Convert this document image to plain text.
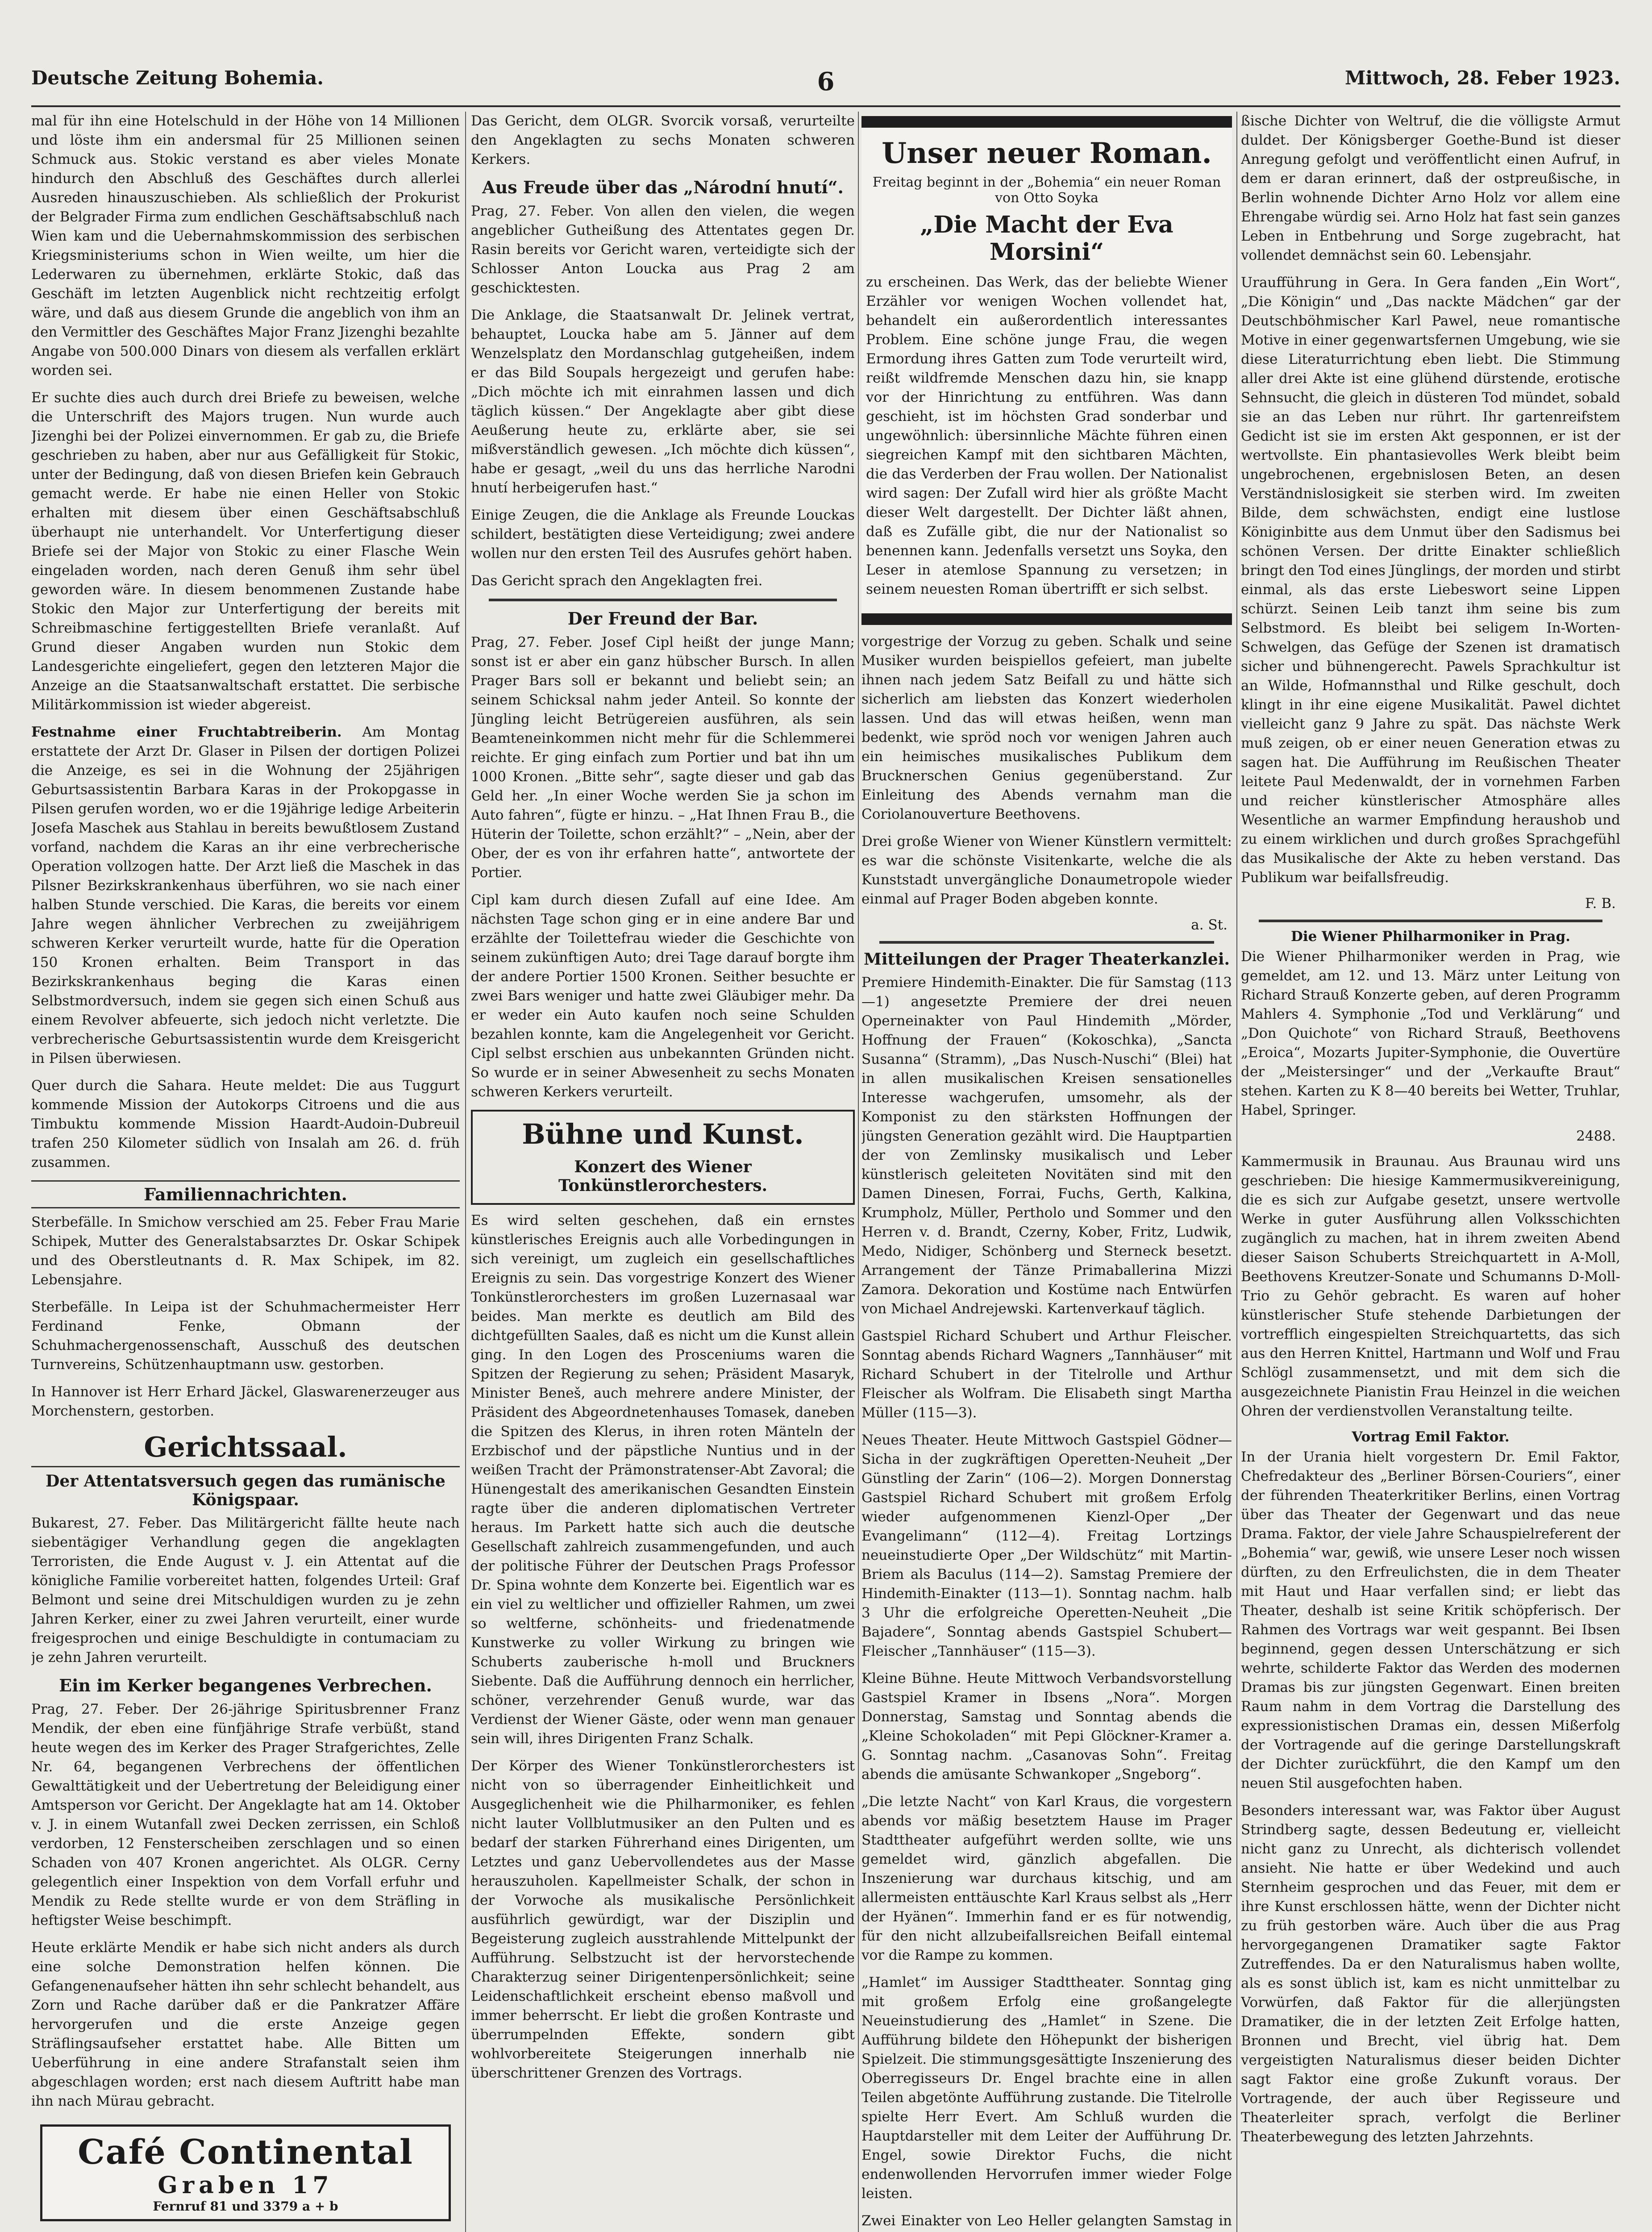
Deutsche Zeitung Bohemia.	6	Mittwoch, 28. Feber 1923.

mal für ihn eine Hotelschuld in der Höhe von 14 Millionen und löste ihm ein andersmal für 25 Millionen seinen Schmuck aus. Stokic verstand es aber vieles Monate hindurch den Abschluß des Geschäftes durch allerlei Ausreden hinauszuschieben. Als schließlich der Prokurist der Belgrader Firma zum endlichen Geschäftsabschluß nach Wien kam und die Uebernahmskommission des serbischen Kriegsministeriums schon in Wien weilte, um hier die Lederwaren zu übernehmen, erklärte Stokic, daß das Geschäft im letzten Augenblick nicht rechtzeitig erfolgt wäre, und daß aus diesem Grunde die angeblich von ihm an den Vermittler des Geschäftes Major Franz Jizenghi bezahlte Angabe von 500.000 Dinars von diesem als verfallen erklärt worden sei.

Er suchte dies auch durch drei Briefe zu beweisen, welche die Unterschrift des Majors trugen. Nun wurde auch Jizenghi bei der Polizei einvernommen. Er gab zu, die Briefe geschrieben zu haben, aber nur aus Gefälligkeit für Stokic, unter der Bedingung, daß von diesen Briefen kein Gebrauch gemacht werde. Er habe nie einen Heller von Stokic erhalten mit diesem über einen Geschäftsabschluß überhaupt nie unterhandelt. Vor Unterfertigung dieser Briefe sei der Major von Stokic zu einer Flasche Wein eingeladen worden, nach deren Genuß ihm sehr übel geworden wäre. In diesem benommenen Zustande habe Stokic den Major zur Unterfertigung der bereits mit Schreibmaschine fertiggestellten Briefe veranlaßt. Auf Grund dieser Angaben wurden nun Stokic dem Landesgerichte eingeliefert, gegen den letzteren Major die Anzeige an die Staatsanwaltschaft erstattet. Die serbische Militärkommission ist wieder abgereist.

Festnahme einer Fruchtabtreiberin. Am Montag erstattete der Arzt Dr. Glaser in Pilsen der dortigen Polizei die Anzeige, es sei in die Wohnung der 25jährigen Geburtsassistentin Barbara Karas in der Prokopgasse in Pilsen gerufen worden, wo er die 19jährige ledige Arbeiterin Josefa Maschek aus Stahlau in bereits bewußtlosem Zustand vorfand, nachdem die Karas an ihr eine verbrecherische Operation vollzogen hatte. Der Arzt ließ die Maschek in das Pilsner Bezirkskrankenhaus überführen, wo sie nach einer halben Stunde verschied. Die Karas, die bereits vor einem Jahre wegen ähnlicher Verbrechen zu zweijährigem schweren Kerker verurteilt wurde, hatte für die Operation 150 Kronen erhalten. Beim Transport in das Bezirkskrankenhaus beging die Karas einen Selbstmordversuch, indem sie gegen sich einen Schuß aus einem Revolver abfeuerte, sich jedoch nicht verletzte. Die verbrecherische Geburtsassistentin wurde dem Kreisgericht in Pilsen überwiesen.

Quer durch die Sahara. Heute meldet: Die aus Tuggurt kommende Mission der Autokorps Citroens und die aus Timbuktu kommende Mission Haardt-Audoin-Dubreuil trafen 250 Kilometer südlich von Insalah am 26. d. früh zusammen.

Familiennachrichten.

Sterbefälle. In Smichow verschied am 25. Feber Frau Marie Schipek, Mutter des Generalstabsarztes Dr. Oskar Schipek und des Oberstleutnants d. R. Max Schipek, im 82. Lebensjahre.

Sterbefälle. In Leipa ist der Schuhmachermeister Herr Ferdinand Fenke, Obmann der Schuhmachergenossenschaft, Ausschuß des deutschen Turnvereins, Schützenhauptmann usw. gestorben.

In Hannover ist Herr Erhard Jäckel, Glaswarenerzeuger aus Morchenstern, gestorben.

Gerichtssaal.
Der Attentatsversuch gegen das rumänische Königspaar.

Bukarest, 27. Feber. Das Militärgericht fällte heute nach siebentägiger Verhandlung gegen die angeklagten Terroristen, die Ende August v. J. ein Attentat auf die königliche Familie vorbereitet hatten, folgendes Urteil: Graf Belmont und seine drei Mitschuldigen wurden zu je zehn Jahren Kerker, einer zu zwei Jahren verurteilt, einer wurde freigesprochen und einige Beschuldigte in contumaciam zu je zehn Jahren verurteilt.

Ein im Kerker begangenes Verbrechen.

Prag, 27. Feber. Der 26-jährige Spiritusbrenner Franz Mendik, der eben eine fünfjährige Strafe verbüßt, stand heute wegen des im Kerker des Prager Strafgerichtes, Zelle Nr. 64, begangenen Verbrechens der öffentlichen Gewalttätigkeit und der Uebertretung der Beleidigung einer Amtsperson vor Gericht. Der Angeklagte hat am 14. Oktober v. J. in einem Wutanfall zwei Decken zerrissen, ein Schloß verdorben, 12 Fensterscheiben zerschlagen und so einen Schaden von 407 Kronen angerichtet. Als OLGR. Cerny gelegentlich einer Inspektion von dem Vorfall erfuhr und Mendik zu Rede stellte wurde er von dem Sträfling in heftigster Weise beschimpft.

Heute erklärte Mendik er habe sich nicht anders als durch eine solche Demonstration helfen können. Die Gefangenenaufseher hätten ihn sehr schlecht behandelt, aus Zorn und Rache darüber daß er die Pankratzer Affäre hervorgerufen und die erste Anzeige gegen Sträflingsaufseher erstattet habe. Alle Bitten um Ueberführung in eine andere Strafanstalt seien ihm abgeschlagen worden; erst nach diesem Auftritt habe man ihn nach Mürau gebracht.

Café Continental
Graben 17
Fernruf 81 und 3379 a + b

Das Gericht, dem OLGR. Svorcik vorsaß, verurteilte den Angeklagten zu sechs Monaten schweren Kerkers.

Aus Freude über das „Národní hnutí“.

Prag, 27. Feber. Von allen den vielen, die wegen angeblicher Gutheißung des Attentates gegen Dr. Rasin bereits vor Gericht waren, verteidigte sich der Schlosser Anton Loucka aus Prag 2 am geschicktesten.

Die Anklage, die Staatsanwalt Dr. Jelinek vertrat, behauptet, Loucka habe am 5. Jänner auf dem Wenzelsplatz den Mordanschlag gutgeheißen, indem er das Bild Soupals hergezeigt und gerufen habe: „Dich möchte ich mit einrahmen lassen und dich täglich küssen.“ Der Angeklagte aber gibt diese Aeußerung heute zu, erklärte aber, sie sei mißverständlich gewesen. „Ich möchte dich küssen“, habe er gesagt, „weil du uns das herrliche Narodni hnutí herbeigerufen hast.“

Einige Zeugen, die die Anklage als Freunde Louckas schildert, bestätigten diese Verteidigung; zwei andere wollen nur den ersten Teil des Ausrufes gehört haben.

Das Gericht sprach den Angeklagten frei.

Der Freund der Bar.

Prag, 27. Feber. Josef Cipl heißt der junge Mann; sonst ist er aber ein ganz hübscher Bursch. In allen Prager Bars soll er bekannt und beliebt sein; an seinem Schicksal nahm jeder Anteil. So konnte der Jüngling leicht Betrügereien ausführen, als sein Beamteneinkommen nicht mehr für die Schlemmerei reichte. Er ging einfach zum Portier und bat ihn um 1000 Kronen. „Bitte sehr“, sagte dieser und gab das Geld her. „In einer Woche werden Sie ja schon im Auto fahren“, fügte er hinzu. – „Hat Ihnen Frau B., die Hüterin der Toilette, schon erzählt?“ – „Nein, aber der Ober, der es von ihr erfahren hatte“, antwortete der Portier.

Cipl kam durch diesen Zufall auf eine Idee. Am nächsten Tage schon ging er in eine andere Bar und erzählte der Toilettefrau wieder die Geschichte von seinem zukünftigen Auto; drei Tage darauf borgte ihm der andere Portier 1500 Kronen. Seither besuchte er zwei Bars weniger und hatte zwei Gläubiger mehr. Da er weder ein Auto kaufen noch seine Schulden bezahlen konnte, kam die Angelegenheit vor Gericht. Cipl selbst erschien aus unbekannten Gründen nicht. So wurde er in seiner Abwesenheit zu sechs Monaten schweren Kerkers verurteilt.

Bühne und Kunst.
Konzert des Wiener Tonkünstlerorchesters.

Es wird selten geschehen, daß ein ernstes künstlerisches Ereignis auch alle Vorbedingungen in sich vereinigt, um zugleich ein gesellschaftliches Ereignis zu sein. Das vorgestrige Konzert des Wiener Tonkünstlerorchesters im großen Luzernasaal war beides. Man merkte es deutlich am Bild des dichtgefüllten Saales, daß es nicht um die Kunst allein ging. In den Logen des Prosceniums waren die Spitzen der Regierung zu sehen; Präsident Masaryk, Minister Beneš, auch mehrere andere Minister, der Präsident des Abgeordnetenhauses Tomasek, daneben die Spitzen des Klerus, in ihren roten Mänteln der Erzbischof und der päpstliche Nuntius und in der weißen Tracht der Prämonstratenser-Abt Zavoral; die Hünengestalt des amerikanischen Gesandten Einstein ragte über die anderen diplomatischen Vertreter heraus. Im Parkett hatte sich auch die deutsche Gesellschaft zahlreich zusammengefunden, und auch der politische Führer der Deutschen Prags Professor Dr. Spina wohnte dem Konzerte bei. Eigentlich war es ein viel zu weltlicher und offizieller Rahmen, um zwei so weltferne, schönheits- und friedenatmende Kunstwerke zu voller Wirkung zu bringen wie Schuberts zauberische h-moll und Bruckners Siebente. Daß die Aufführung dennoch ein herrlicher, schöner, verzehrender Genuß wurde, war das Verdienst der Wiener Gäste, oder wenn man genauer sein will, ihres Dirigenten Franz Schalk.

Der Körper des Wiener Tonkünstlerorchesters ist nicht von so überragender Einheitlichkeit und Ausgeglichenheit wie die Philharmoniker, es fehlen nicht lauter Vollblutmusiker an den Pulten und es bedarf der starken Führerhand eines Dirigenten, um Letztes und ganz Uebervollendetes aus der Masse herauszuholen. Kapellmeister Schalk, der schon in der Vorwoche als musikalische Persönlichkeit ausführlich gewürdigt, war der Disziplin und Begeisterung zugleich ausstrahlende Mittelpunkt der Aufführung. Selbstzucht ist der hervorstechende Charakterzug seiner Dirigentenpersönlichkeit; seine Leidenschaftlichkeit erscheint ebenso maßvoll und immer beherrscht. Er liebt die großen Kontraste und überrumpelnden Effekte, sondern gibt wohlvorbereitete Steigerungen innerhalb nie überschrittener Grenzen des Vortrags.

Unser neuer Roman.
Freitag beginnt in der „Bohemia“ ein neuer Roman von Otto Soyka
„Die Macht der Eva Morsini“

zu erscheinen. Das Werk, das der beliebte Wiener Erzähler vor wenigen Wochen vollendet hat, behandelt ein außerordentlich interessantes Problem. Eine schöne junge Frau, die wegen Ermordung ihres Gatten zum Tode verurteilt wird, reißt wildfremde Menschen dazu hin, sie knapp vor der Hinrichtung zu entführen. Was dann geschieht, ist im höchsten Grad sonderbar und ungewöhnlich: übersinnliche Mächte führen einen siegreichen Kampf mit den sichtbaren Mächten, die das Verderben der Frau wollen. Der Nationalist wird sagen: Der Zufall wird hier als größte Macht dieser Welt dargestellt. Der Dichter läßt ahnen, daß es Zufälle gibt, die nur der Nationalist so benennen kann. Jedenfalls versetzt uns Soyka, den Leser in atemlose Spannung zu versetzen; in seinem neuesten Roman übertrifft er sich selbst.

vorgestrige der Vorzug zu geben. Schalk und seine Musiker wurden beispiellos gefeiert, man jubelte ihnen nach jedem Satz Beifall zu und hätte sich sicherlich am liebsten das Konzert wiederholen lassen. Und das will etwas heißen, wenn man bedenkt, wie spröd noch vor wenigen Jahren auch ein heimisches musikalisches Publikum dem Brucknerschen Genius gegenüberstand. Zur Einleitung des Abends vernahm man die Coriolanouverture Beethovens.

Drei große Wiener von Wiener Künstlern vermittelt: es war die schönste Visitenkarte, welche die als Kunststadt unvergängliche Donaumetropole wieder einmal auf Prager Boden abgeben konnte.

a. St.
Mitteilungen der Prager Theaterkanzlei.

Premiere Hindemith-Einakter. Die für Samstag (113—1) angesetzte Premiere der drei neuen Operneinakter von Paul Hindemith „Mörder, Hoffnung der Frauen“ (Kokoschka), „Sancta Susanna“ (Stramm), „Das Nusch-Nuschi“ (Blei) hat in allen musikalischen Kreisen sensationelles Interesse wachgerufen, umsomehr, als der Komponist zu den stärksten Hoffnungen der jüngsten Generation gezählt wird. Die Hauptpartien der von Zemlinsky musikalisch und Leber künstlerisch geleiteten Novitäten sind mit den Damen Dinesen, Forrai, Fuchs, Gerth, Kalkina, Krumpholz, Müller, Pertholo und Sommer und den Herren v. d. Brandt, Czerny, Kober, Fritz, Ludwik, Medo, Nidiger, Schönberg und Sterneck besetzt. Arrangement der Tänze Primaballerina Mizzi Zamora. Dekoration und Kostüme nach Entwürfen von Michael Andrejewski. Kartenverkauf täglich.

Gastspiel Richard Schubert und Arthur Fleischer. Sonntag abends Richard Wagners „Tannhäuser“ mit Richard Schubert in der Titelrolle und Arthur Fleischer als Wolfram. Die Elisabeth singt Martha Müller (115—3).

Neues Theater. Heute Mittwoch Gastspiel Gödner—Sicha in der zugkräftigen Operetten-Neuheit „Der Günstling der Zarin“ (106—2). Morgen Donnerstag Gastspiel Richard Schubert mit großem Erfolg wieder aufgenommenen Kienzl-Oper „Der Evangelimann“ (112—4). Freitag Lortzings neueinstudierte Oper „Der Wildschütz“ mit Martin-Briem als Baculus (114—2). Samstag Premiere der Hindemith-Einakter (113—1). Sonntag nachm. halb 3 Uhr die erfolgreiche Operetten-Neuheit „Die Bajadere“, Sonntag abends Gastspiel Schubert—Fleischer „Tannhäuser“ (115—3).

Kleine Bühne. Heute Mittwoch Verbandsvorstellung Gastspiel Kramer in Ibsens „Nora“. Morgen Donnerstag, Samstag und Sonntag abends die „Kleine Schokoladen“ mit Pepi Glöckner-Kramer a. G. Sonntag nachm. „Casanovas Sohn“. Freitag abends die amüsante Schwankoper „Sngeborg“.

„Die letzte Nacht“ von Karl Kraus, die vorgestern abends vor mäßig besetztem Hause im Prager Stadttheater aufgeführt werden sollte, wie uns gemeldet wird, gänzlich abgefallen. Die Inszenierung war durchaus kitschig, und am allermeisten enttäuschte Karl Kraus selbst als „Herr der Hyänen“. Immerhin fand er es für notwendig, für den nicht allzubeifallsreichen Beifall eintemal vor die Rampe zu kommen.

„Hamlet“ im Aussiger Stadttheater. Sonntag ging mit großem Erfolg eine großangelegte Neueinstudierung des „Hamlet“ in Szene. Die Aufführung bildete den Höhepunkt der bisherigen Spielzeit. Die stimmungsgesättigte Inszenierung des Oberregisseurs Dr. Engel brachte eine in allen Teilen abgetönte Aufführung zustande. Die Titelrolle spielte Herr Evert. Am Schluß wurden die Hauptdarsteller mit dem Leiter der Aufführung Dr. Engel, sowie Direktor Fuchs, die nicht endenwollenden Hervorrufen immer wieder Folge leisten.

Zwei Einakter von Leo Heller gelangten Samstag in

ßische Dichter von Weltruf, die die völligste Armut duldet. Der Königsberger Goethe-Bund ist dieser Anregung gefolgt und veröffentlicht einen Aufruf, in dem er daran erinnert, daß der ostpreußische, in Berlin wohnende Dichter Arno Holz vor allem eine Ehrengabe würdig sei. Arno Holz hat fast sein ganzes Leben in Entbehrung und Sorge zugebracht, hat vollendet demnächst sein 60. Lebensjahr.

Uraufführung in Gera. In Gera fanden „Ein Wort“, „Die Königin“ und „Das nackte Mädchen“ gar der Deutschböhmischer Karl Pawel, neue romantische Motive in einer gegenwartsfernen Umgebung, wie sie diese Literaturrichtung eben liebt. Die Stimmung aller drei Akte ist eine glühend dürstende, erotische Sehnsucht, die gleich in düsteren Tod mündet, sobald sie an das Leben nur rührt. Ihr gartenreifstem Gedicht ist sie im ersten Akt gesponnen, er ist der wertvollste. Ein phantasievolles Werk bleibt beim ungebrochenen, ergebnislosen Beten, an desen Verständnislosigkeit sie sterben wird. Im zweiten Bilde, dem schwächsten, endigt eine lustlose Königinbitte aus dem Unmut über den Sadismus bei schönen Versen. Der dritte Einakter schließlich bringt den Tod eines Jünglings, der morden und stirbt einmal, als das erste Liebeswort seine Lippen schürzt. Seinen Leib tanzt ihm seine bis zum Selbstmord. Es bleibt bei seligem In-Worten-Schwelgen, das Gefüge der Szenen ist dramatisch sicher und bühnengerecht. Pawels Sprachkultur ist an Wilde, Hofmannsthal und Rilke geschult, doch klingt in ihr eine eigene Musikalität. Pawel dichtet vielleicht ganz 9 Jahre zu spät. Das nächste Werk muß zeigen, ob er einer neuen Generation etwas zu sagen hat. Die Aufführung im Reußischen Theater leitete Paul Medenwaldt, der in vornehmen Farben und reicher künstlerischer Atmosphäre alles Wesentliche an warmer Empfindung heraushob und zu einem wirklichen und durch großes Sprachgefühl das Musikalische der Akte zu heben verstand. Das Publikum war beifallsfreudig.

F. B.
Die Wiener Philharmoniker in Prag.

Die Wiener Philharmoniker werden in Prag, wie gemeldet, am 12. und 13. März unter Leitung von Richard Strauß Konzerte geben, auf deren Programm Mahlers 4. Symphonie „Tod und Verklärung“ und „Don Quichote“ von Richard Strauß, Beethovens „Eroica“, Mozarts Jupiter-Symphonie, die Ouvertüre der „Meistersinger“ und der „Verkaufte Braut“ stehen. Karten zu K 8—40 bereits bei Wetter, Truhlar, Habel, Springer.

2488.

Kammermusik in Braunau. Aus Braunau wird uns geschrieben: Die hiesige Kammermusikvereinigung, die es sich zur Aufgabe gesetzt, unsere wertvolle Werke in guter Ausführung allen Volksschichten zugänglich zu machen, hat in ihrem zweiten Abend dieser Saison Schuberts Streichquartett in A-Moll, Beethovens Kreutzer-Sonate und Schumanns D-Moll-Trio zu Gehör gebracht. Es waren auf hoher künstlerischer Stufe stehende Darbietungen der vortrefflich eingespielten Streichquartetts, das sich aus den Herren Knittel, Hartmann und Wolf und Frau Schlögl zusammensetzt, und mit dem sich die ausgezeichnete Pianistin Frau Heinzel in die weichen Ohren der verdienstvollen Veranstaltung teilte.

Vortrag Emil Faktor.

In der Urania hielt vorgestern Dr. Emil Faktor, Chefredakteur des „Berliner Börsen-Couriers“, einer der führenden Theaterkritiker Berlins, einen Vortrag über das Theater der Gegenwart und das neue Drama. Faktor, der viele Jahre Schauspielreferent der „Bohemia“ war, gewiß, wie unsere Leser noch wissen dürften, zu den Erfreulichsten, die in dem Theater mit Haut und Haar verfallen sind; er liebt das Theater, deshalb ist seine Kritik schöpferisch. Der Rahmen des Vortrags war weit gespannt. Bei Ibsen beginnend, gegen dessen Unterschätzung er sich wehrte, schilderte Faktor das Werden des modernen Dramas bis zur jüngsten Gegenwart. Einen breiten Raum nahm in dem Vortrag die Darstellung des expressionistischen Dramas ein, dessen Mißerfolg der Vortragende auf die geringe Darstellungskraft der Dichter zurückführt, die den Kampf um den neuen Stil ausgefochten haben.

Besonders interessant war, was Faktor über August Strindberg sagte, dessen Bedeutung er, vielleicht nicht ganz zu Unrecht, als dichterisch vollendet ansieht. Nie hatte er über Wedekind und auch Sternheim gesprochen und das Feuer, mit dem er ihre Kunst erschlossen hätte, wenn der Dichter nicht zu früh gestorben wäre. Auch über die aus Prag hervorgegangenen Dramatiker sagte Faktor Zutreffendes. Da er den Naturalismus haben wollte, als es sonst üblich ist, kam es nicht unmittelbar zu Vorwürfen, daß Faktor für die allerjüngsten Dramatiker, die in der letzten Zeit Erfolge hatten, Bronnen und Brecht, viel übrig hat. Dem vergeistigten Naturalismus dieser beiden Dichter sagt Faktor eine große Zukunft voraus. Der Vortragende, der auch über Regisseure und Theaterleiter sprach, verfolgt die Berliner Theaterbewegung des letzten Jahrzehnts.
